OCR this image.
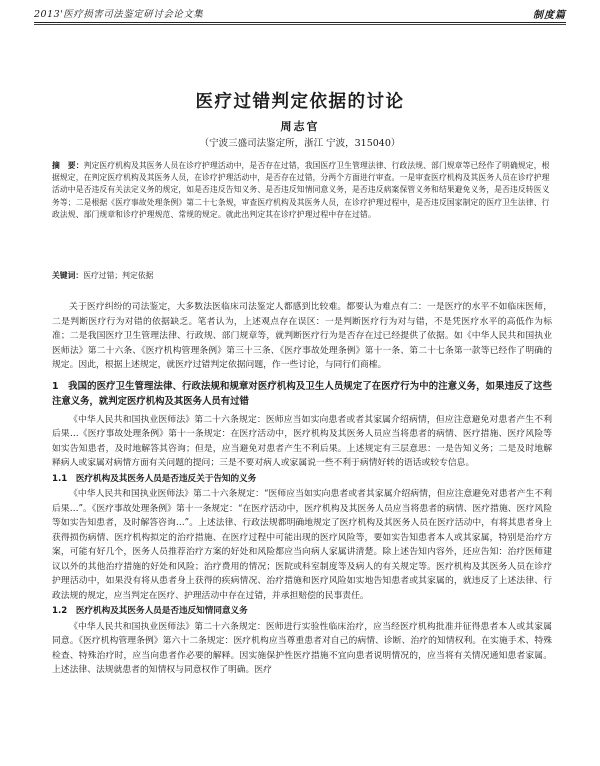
2013'医疗损害司法鉴定研讨会论文集	制度篇
医疗过错判定依据的讨论
周志官
（宁波三盛司法鉴定所，浙江 宁波，315040）
摘　要：判定医疗机构及其医务人员在诊疗护理活动中，是否存在过错，我国医疗卫生管理法律、行政法规、部门规章等已经作了明确规定，根据规定，在判定医疗机构及其医务人员，在诊疗护理活动中，是否存在过错，分两个方面进行审查。一是审查医疗机构及其医务人员在诊疗护理活动中是否违反有关法定义务的规定，如是否违反告知义务、是否违反知情同意义务，是否违反病案保管义务和结果避免义务，是否违反转医义务等；二是根据《医疗事故处理条例》第二十七条规，审查医疗机构及其医务人员，在诊疗护理过程中，是否违反国家制定的医疗卫生法律、行政法规、部门规章和诊疗护理规范、常规的规定。就此出判定其在诊疗护理过程中存在过错。
关键词：医疗过错；判定依据

关于医疗纠纷的司法鉴定，大多数法医临床司法鉴定人都感到比较难。都要认为难点有二：一是医疗的水平不如临床医师，二是判断医疗行为对错的依据缺乏。笔者认为，上述观点存在误区：一是判断医疗行为对与错，不是凭医疗水平的高低作为标准；二是我国医疗卫生管理法律、行政规、部门规章等，就判断医疗行为是否存在过已经提供了依据。如《中华人民共和国执业医师法》第二十六条、《医疗机构管理条例》第三十三条、《医疗事故处理条例》第十一条、第二十七条第一款等已经作了明确的规定。因此，根据上述规定，就医疗过错判定依据问题，作一些讨论，与同行们商榷。

1　我国的医疗卫生管理法律、行政法规和规章对医疗机构及卫生人员规定了在医疗行为中的注意义务，如果违反了这些注意义务，就判定医疗机构及其医务人员有过错

《中华人民共和国执业医师法》第二十六条规定：医师应当如实向患者或者其家属介绍病情，但应注意避免对患者产生不利后果…《医疗事故处理条例》第十一条规定：在医疗活动中，医疗机构及其医务人员应当将患者的病情、医疗措施、医疗风险等如实告知患者，及时地解答其咨询；但是，应当避免对患者产生不利后果。上述规定有三层意思：一是告知义务；二是及时地解释病人或家属对病情方面有关问题的提问；三是不要对病人或家属说一些不利于病情好转的语话或较专信息。

1.1　医疗机构及其医务人员是否违反关于告知的义务

《中华人民共和国执业医师法》第二十六条规定：“医师应当如实向患者或者其家属介绍病情，但应注意避免对患者产生不利后果…”。《医疗事故处理条例》第十一条规定：“在医疗活动中，医疗机构及其医务人员应当将患者的病情、医疗措施、医疗风险等如实告知患者，及时解答咨询…”。上述法律、行政法规都明确地规定了医疗机构及其医务人员在医疗活动中，有将其患者身上获得损伤病情、医疗机构拟定的治疗措施、在医疗过程中可能出现的医疗风险等，要如实告知患者本人或其家属，特别是治疗方案，可能有好几个，医务人员推荐治疗方案的好处和风险都应当向病人家属讲清楚。除上述告知内容外，还应告知：治疗医师建议以外的其他治疗措施的好处和风险；治疗费用的情况；医院或科室制度等及病人的有关规定等。医疗机构及其医务人员在诊疗护理活动中，如果没有将从患者身上获得的疾病情况、治疗措施和医疗风险如实地告知患者或其家属的，就违反了上述法律、行政法规的规定，应当判定在医疗、护理活动中存在过错，并承担赔偿的民事责任。

1.2　医疗机构及其医务人员是否违反知情同意义务

《中华人民共和国执业医师法》第二十六条规定：医师进行实验性临床治疗，应当经医疗机构批准并征得患者本人或其家属同意。《医疗机构管理条例》第六十二条规定：医疗机构应当尊重患者对自己的病情、诊断、治疗的知情权利。在实施手术、特殊检查、特殊治疗时，应当向患者作必要的解释。因实施保护性医疗措施不宜向患者说明情况的，应当将有关情况通知患者家属。上述法律、法规就患者的知情权与同意权作了明确。医疗
